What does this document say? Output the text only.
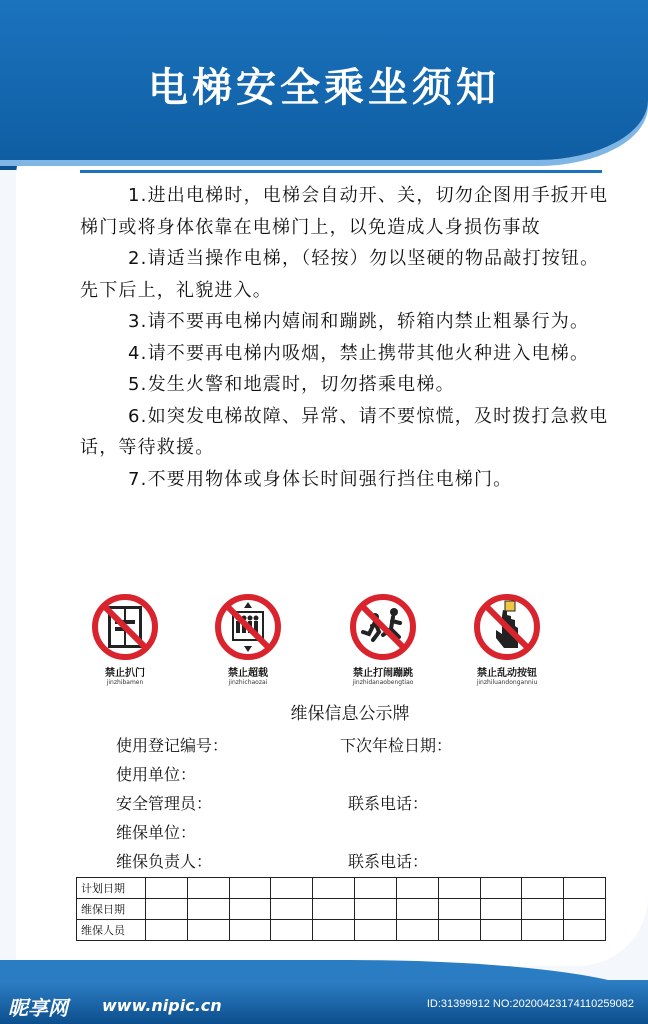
电梯安全乘坐须知

1.进出电梯时，电梯会自动开、关，切勿企图用手扳开电梯门或将身体依靠在电梯门上，以免造成人身损伤事故

2.请适当操作电梯，（轻按）勿以坚硬的物品敲打按钮。先下后上，礼貌进入。

3.请不要再电梯内嬉闹和蹦跳，轿箱内禁止粗暴行为。

4.请不要再电梯内吸烟，禁止携带其他火种进入电梯。

5.发生火警和地震时，切勿搭乘电梯。

6.如突发电梯故障、异常、请不要惊慌，及时拨打急救电话，等待救援。

7.不要用物体或身体长时间强行挡住电梯门。

禁止扒门
jinzhibamen
禁止超载
jinzhichaozai
禁止打闹蹦跳
jinzhidanaobengtiao
禁止乱动按钮
jinzhiluandonganniu
维保信息公示牌
使用登记编号：	下次年检日期：
使用单位：
安全管理员：	联系电话：
维保单位：
维保负责人：	联系电话：
计划日期											
维保日期											
维保人员											
昵享网 www.nipic.cn	ID:31399912 NO:20200423174110259082
